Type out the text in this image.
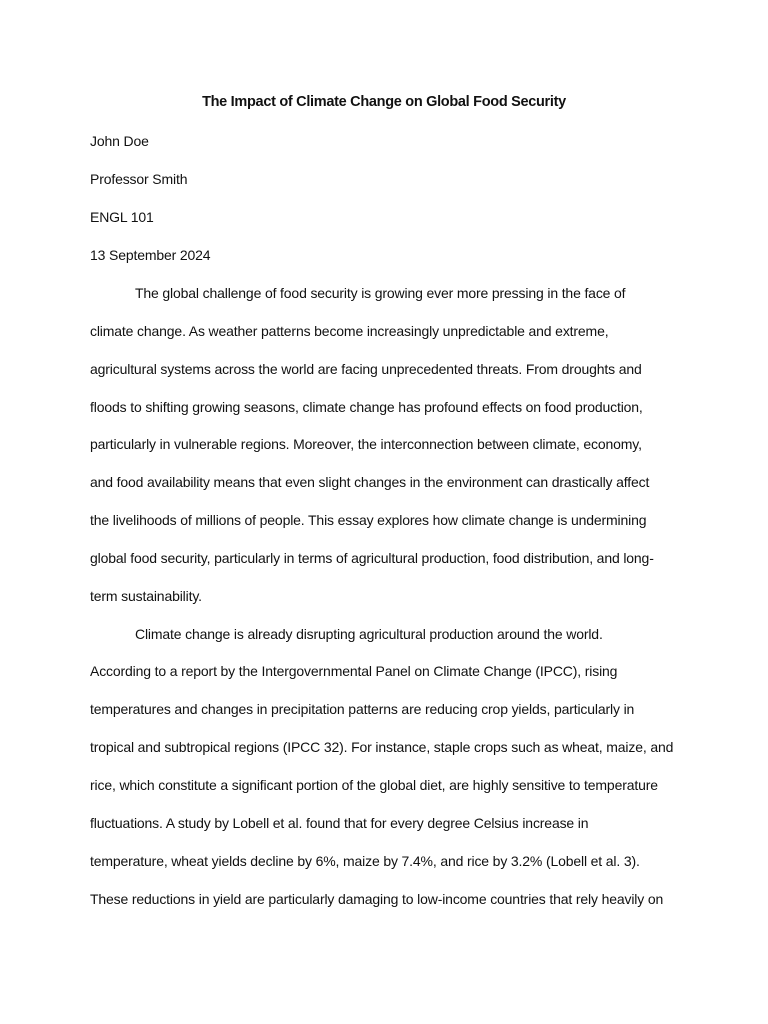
The Impact of Climate Change on Global Food Security

John Doe

Professor Smith

ENGL 101

13 September 2024

The global challenge of food security is growing ever more pressing in the face of

climate change. As weather patterns become increasingly unpredictable and extreme,

agricultural systems across the world are facing unprecedented threats. From droughts and

floods to shifting growing seasons, climate change has profound effects on food production,

particularly in vulnerable regions. Moreover, the interconnection between climate, economy,

and food availability means that even slight changes in the environment can drastically affect

the livelihoods of millions of people. This essay explores how climate change is undermining

global food security, particularly in terms of agricultural production, food distribution, and long-

term sustainability.

Climate change is already disrupting agricultural production around the world.

According to a report by the Intergovernmental Panel on Climate Change (IPCC), rising

temperatures and changes in precipitation patterns are reducing crop yields, particularly in

tropical and subtropical regions (IPCC 32). For instance, staple crops such as wheat, maize, and

rice, which constitute a significant portion of the global diet, are highly sensitive to temperature

fluctuations. A study by Lobell et al. found that for every degree Celsius increase in

temperature, wheat yields decline by 6%, maize by 7.4%, and rice by 3.2% (Lobell et al. 3).

These reductions in yield are particularly damaging to low-income countries that rely heavily on
